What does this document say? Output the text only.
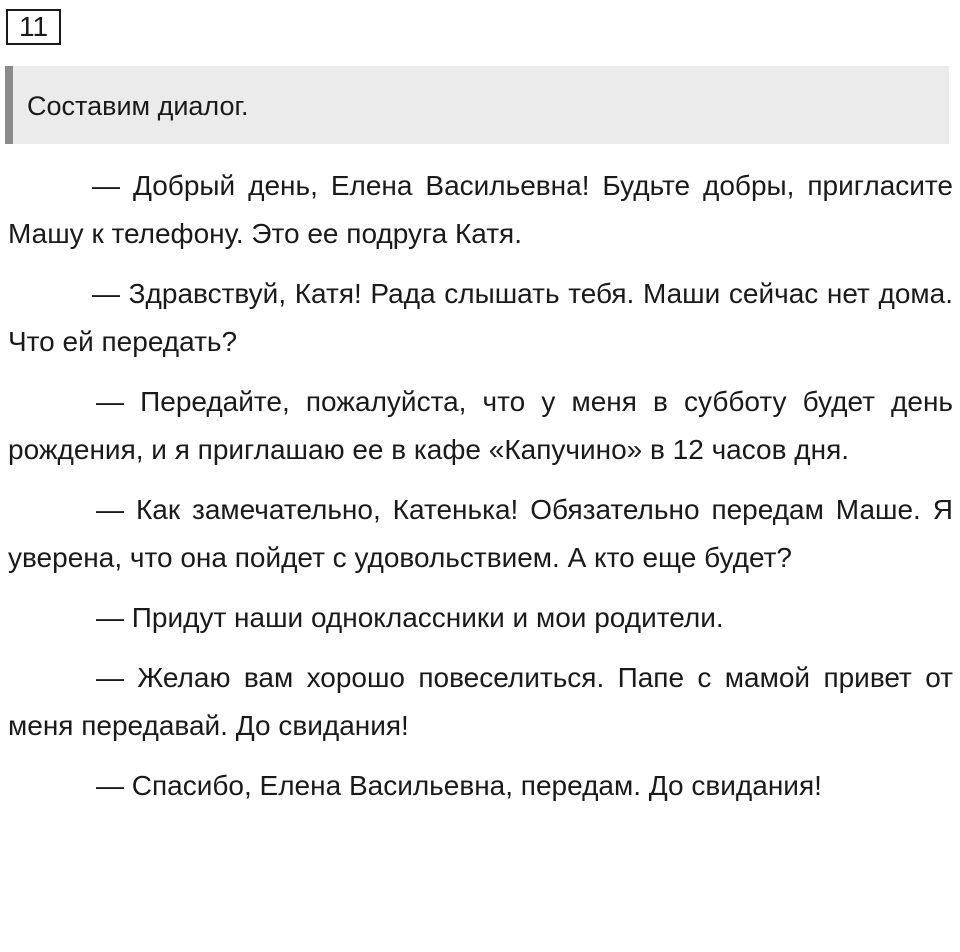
11
Составим диалог.

— Добрый день, Елена Васильевна! Будьте добры, пригласите Машу к телефону. Это ее подруга Катя.

— Здравствуй, Катя! Рада слышать тебя. Маши сейчас нет дома. Что ей передать?

— Передайте, пожалуйста, что у меня в субботу будет день рождения, и я приглашаю ее в кафе «Капучино» в 12 часов дня.

— Как замечательно, Катенька! Обязательно передам Маше. Я уверена, что она пойдет с удовольствием. А кто еще будет?

— Придут наши одноклассники и мои родители.

— Желаю вам хорошо повеселиться. Папе с мамой привет от меня передавай. До свидания!

— Спасибо, Елена Васильевна, передам. До свидания!
